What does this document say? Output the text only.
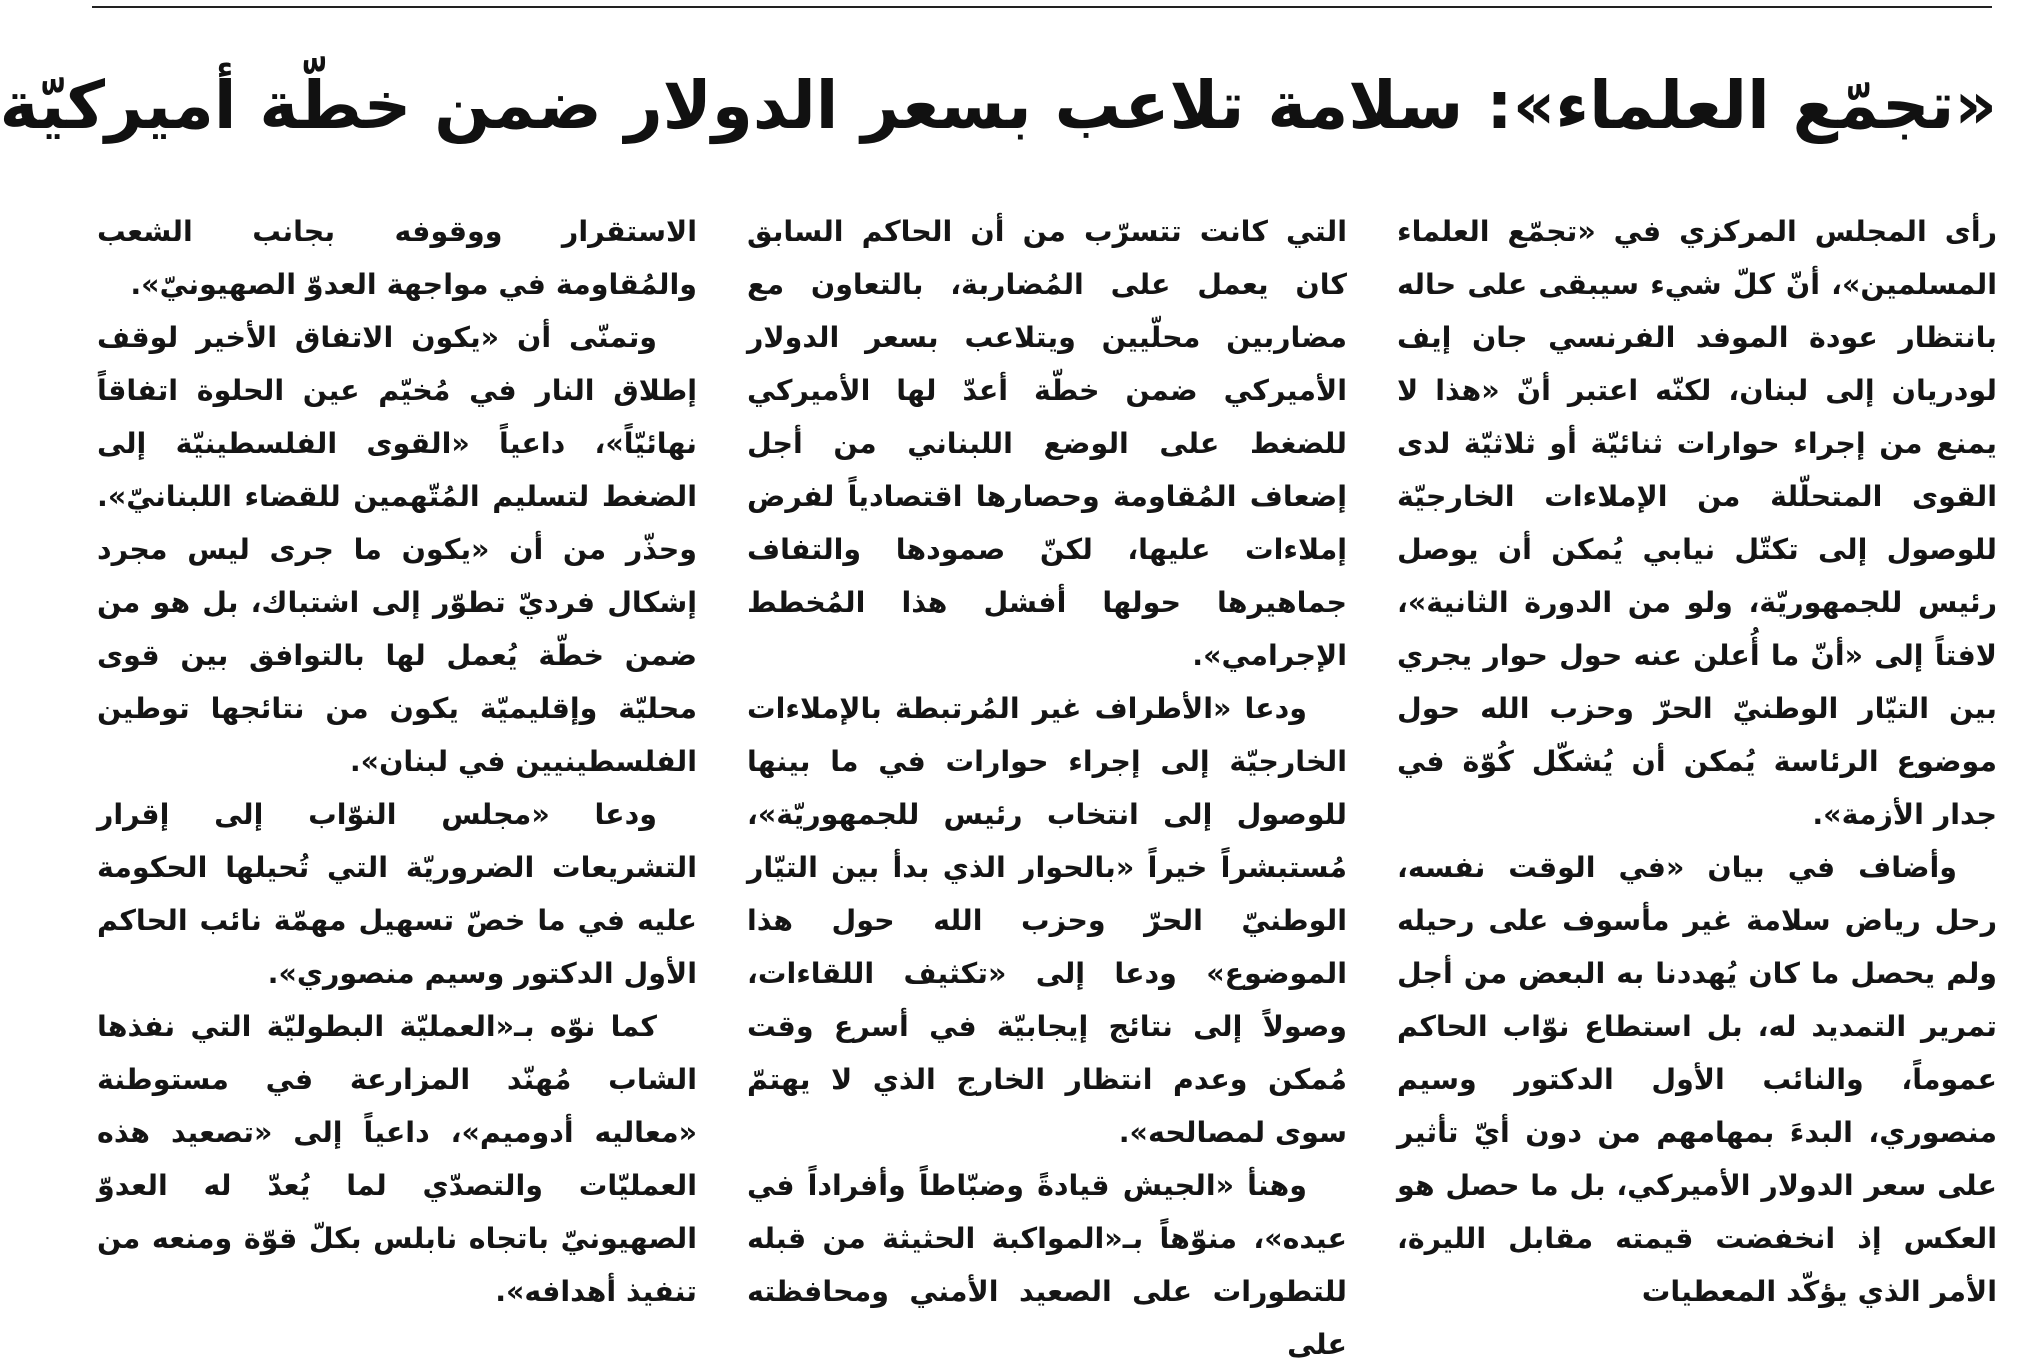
«تجمّع العلماء»: سلامة تلاعب بسعر الدولار ضمن خطّة أميركيّة

رأى المجلس المركزي في «تجمّع العلماء المسلمين»، أنّ كلّ شيء سيبقى على حاله بانتظار عودة الموفد الفرنسي جان إيف لودريان إلى لبنان، لكنّه اعتبر أنّ «هذا لا يمنع من إجراء حوارات ثنائيّة أو ثلاثيّة لدى القوى المتحلّلة من الإملاءات الخارجيّة للوصول إلى تكتّل نيابي يُمكن أن يوصل رئيس للجمهوريّة، ولو من الدورة الثانية»، لافتاً إلى «أنّ ما أُعلن عنه حول حوار يجري بين التيّار الوطنيّ الحرّ وحزب الله حول موضوع الرئاسة يُمكن أن يُشكّل كُوّة في جدار الأزمة».

وأضاف في بيان «في الوقت نفسه، رحل رياض سلامة غير مأسوف على رحيله ولم يحصل ما كان يُهددنا به البعض من أجل تمرير التمديد له، بل استطاع نوّاب الحاكم عموماً، والنائب الأول الدكتور وسيم منصوري، البدءَ بمهامهم من دون أيّ تأثير على سعر الدولار الأميركي، بل ما حصل هو العكس إذ انخفضت قيمته مقابل الليرة، الأمر الذي يؤكّد المعطيات

التي كانت تتسرّب من أن الحاكم السابق كان يعمل على المُضاربة، بالتعاون مع مضاربين محلّيين ويتلاعب بسعر الدولار الأميركي ضمن خطّة أعدّ لها الأميركي للضغط على الوضع اللبناني من أجل إضعاف المُقاومة وحصارها اقتصادياً لفرض إملاءات عليها، لكنّ صمودها والتفاف جماهيرها حولها أفشل هذا المُخطط الإجرامي».

ودعا «الأطراف غير المُرتبطة بالإملاءات الخارجيّة إلى إجراء حوارات في ما بينها للوصول إلى انتخاب رئيس للجمهوريّة»، مُستبشراً خيراً «بالحوار الذي بدأ بين التيّار الوطنيّ الحرّ وحزب الله حول هذا الموضوع» ودعا إلى «تكثيف اللقاءات، وصولاً إلى نتائج إيجابيّة في أسرع وقت مُمكن وعدم انتظار الخارج الذي لا يهتمّ سوى لمصالحه».

وهنأ «الجيش قيادةً وضبّاطاً وأفراداً في عيده»، منوّهاً بـ«المواكبة الحثيثة من قبله للتطورات على الصعيد الأمني ومحافظته على

الاستقرار ووقوفه بجانب الشعب والمُقاومة في مواجهة العدوّ الصهيونيّ».

وتمنّى أن «يكون الاتفاق الأخير لوقف إطلاق النار في مُخيّم عين الحلوة اتفاقاً نهائيّاً»، داعياً «القوى الفلسطينيّة إلى الضغط لتسليم المُتّهمين للقضاء اللبنانيّ». وحذّر من أن «يكون ما جرى ليس مجرد إشكال فرديّ تطوّر إلى اشتباك، بل هو من ضمن خطّة يُعمل لها بالتوافق بين قوى محليّة وإقليميّة يكون من نتائجها توطين الفلسطينيين في لبنان».

ودعا «مجلس النوّاب إلى إقرار التشريعات الضروريّة التي تُحيلها الحكومة عليه في ما خصّ تسهيل مهمّة نائب الحاكم الأول الدكتور وسيم منصوري».

كما نوّه بـ«العمليّة البطوليّة التي نفذها الشاب مُهنّد المزارعة في مستوطنة «معاليه أدوميم»، داعياً إلى «تصعيد هذه العمليّات والتصدّي لما يُعدّ له العدوّ الصهيونيّ باتجاه نابلس بكلّ قوّة ومنعه من تنفيذ أهدافه».
